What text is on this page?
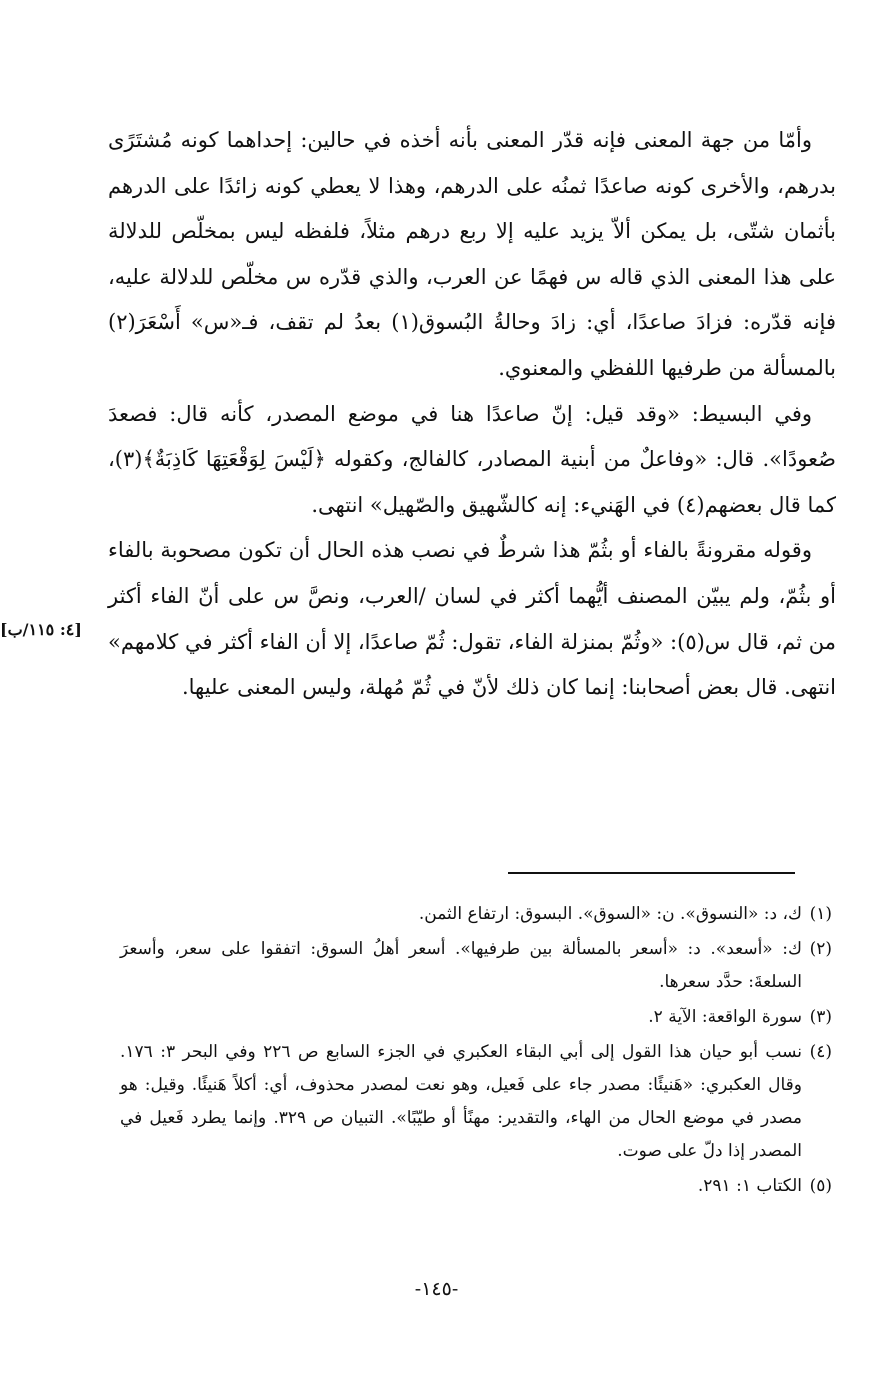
وأمّا من جهة المعنى فإنه قدّر المعنى بأنه أخذه في حالين: إحداهما كونه مُشتَرًى بدرهم، والأخرى كونه صاعدًا ثمنُه على الدرهم، وهذا لا يعطي كونه زائدًا على الدرهم بأثمان شتّى، بل يمكن ألاّ يزيد عليه إلا ربع درهم مثلاً، فلفظه ليس بمخلّص للدلالة على هذا المعنى الذي قاله س فهمًا عن العرب، والذي قدّره س مخلّص للدلالة عليه، فإنه قدّره: فزادَ صاعدًا، أي: زادَ وحالةُ البُسوق(١) بعدُ لم تقف، فـ«س» أَسْعَرَ(٢) بالمسألة من طرفيها اللفظي والمعنوي.

وفي البسيط: «وقد قيل: إنّ صاعدًا هنا في موضع المصدر، كأنه قال: فصعدَ صُعودًا». قال: «وفاعلٌ من أبنية المصادر، كالفالج، وكقوله ﴿لَيْسَ لِوَقْعَتِهَا كَاذِبَةٌ﴾(٣)، كما قال بعضهم(٤) في الهَنيء: إنه كالشّهيق والصّهيل» انتهى.

وقوله مقرونةً بالفاء أو بثُمّ هذا شرطٌ في نصب هذه الحال أن تكون مصحوبة بالفاء أو بثُمّ، ولم يبيّن المصنف أيُّهما أكثر في لسان /العرب، ونصَّ س على أنّ الفاء أكثر من ثم، قال س(٥): «وثُمّ بمنزلة الفاء، تقول: ثُمّ صاعدًا، إلا أن الفاء أكثر في كلامهم» انتهى. قال بعض أصحابنا: إنما كان ذلك لأنّ في ثُمّ مُهلة، وليس المعنى عليها.

[٤: ١١٥/ب]
(١)
ك، د: «النسوق». ن: «السوق». البسوق: ارتفاع الثمن.
(٢)
ك: «أسعد». د: «أسعر بالمسألة بين طرفيها». أسعر أهلُ السوق: اتفقوا على سعر، وأسعرَ السلعةَ: حدَّد سعرها.
(٣)
سورة الواقعة: الآية ٢.
(٤)
نسب أبو حيان هذا القول إلى أبي البقاء العكبري في الجزء السابع ص ٢٢٦ وفي البحر ٣: ١٧٦. وقال العكبري: «هَنيئًا: مصدر جاء على فَعيل، وهو نعت لمصدر محذوف، أي: أكلاً هَنيئًا. وقيل: هو مصدر في موضع الحال من الهاء، والتقدير: مهنًأ أو طيّبًا». التبيان ص ٣٢٩. وإنما يطرد فَعيل في المصدر إذا دلّ على صوت.
(٥)
الكتاب ١: ٢٩١.
-١٤٥-
